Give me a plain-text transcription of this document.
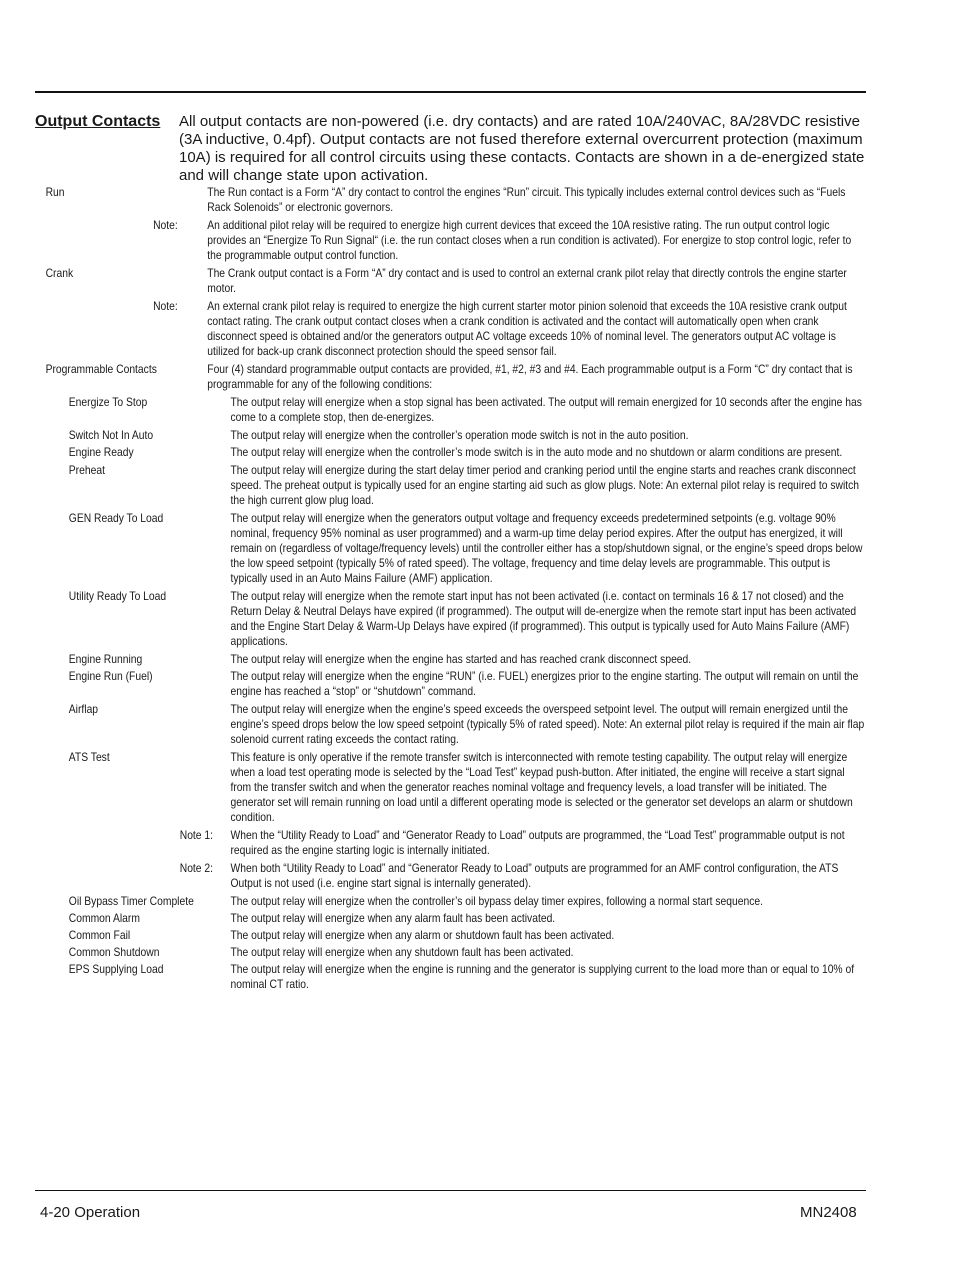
Output Contacts All output contacts are non-powered (i.e. dry contacts) and are rated 10A/240VAC, 8A/28VDC resistive (3A inductive, 0.4pf). Output contacts are not fused therefore external overcurrent protection (maximum 10A) is required for all control circuits using these contacts. Contacts are shown in a de-energized state and will change state upon activation.
Run	The Run contact is a Form “A” dry contact to control the engines “Run” circuit. This typically includes external control devices such as “Fuels Rack Solenoids” or electronic governors.
Note: An additional pilot relay will be required to energize high current devices that exceed the 10A resistive rating. The run output control logic provides an “Energize To Run Signal“ (i.e. the run contact closes when a run condition is activated). For energize to stop control logic, refer to the programmable output control function.
Crank	The Crank output contact is a Form “A” dry contact and is used to control an external crank pilot relay that directly controls the engine starter motor.
Note: An external crank pilot relay is required to energize the high current starter motor pinion solenoid that exceeds the 10A resistive crank output contact rating. The crank output contact closes when a crank condition is activated and the contact will automatically open when crank disconnect speed is obtained and/or the generators output AC voltage exceeds 10% of nominal level. The generators output AC voltage is utilized for back-up crank disconnect protection should the speed sensor fail.
Programmable Contacts	Four (4) standard programmable output contacts are provided, #1, #2, #3 and #4. Each programmable output is a Form “C” dry contact that is programmable for any of the following conditions:
Energize To Stop	The output relay will energize when a stop signal has been activated. The output will remain energized for 10 seconds after the engine has come to a complete stop, then de-energizes.
Switch Not In Auto	The output relay will energize when the controller’s operation mode switch is not in the auto position.
Engine Ready	The output relay will energize when the controller’s mode switch is in the auto mode and no shutdown or alarm conditions are present.
Preheat	The output relay will energize during the start delay timer period and cranking period until the engine starts and reaches crank disconnect speed. The preheat output is typically used for an engine starting aid such as glow plugs. Note: An external pilot relay is required to switch the high current glow plug load.
GEN Ready To Load	The output relay will energize when the generators output voltage and frequency exceeds predetermined setpoints (e.g. voltage 90% nominal, frequency 95% nominal as user programmed) and a warm-up time delay period expires. After the output has energized, it will remain on (regardless of voltage/frequency levels) until the controller either has a stop/shutdown signal, or the engine’s speed drops below the low speed setpoint (typically 5% of rated speed). The voltage, frequency and time delay levels are programmable. This output is typically used in an Auto Mains Failure (AMF) application.
Utility Ready To Load	The output relay will energize when the remote start input has not been activated (i.e. contact on terminals 16 & 17 not closed) and the Return Delay & Neutral Delays have expired (if programmed). The output will de-energize when the remote start input has been activated and the Engine Start Delay & Warm-Up Delays have expired (if programmed). This output is typically used for Auto Mains Failure (AMF) applications.
Engine Running	The output relay will energize when the engine has started and has reached crank disconnect speed.
Engine Run (Fuel)	The output relay will energize when the engine “RUN” (i.e. FUEL) energizes prior to the engine starting. The output will remain on until the engine has reached a “stop” or “shutdown” command.
Airflap	The output relay will energize when the engine’s speed exceeds the overspeed setpoint level. The output will remain energized until the engine’s speed drops below the low speed setpoint (typically 5% of rated speed). Note: An external pilot relay is required if the main air flap solenoid current rating exceeds the contact rating.
ATS Test	This feature is only operative if the remote transfer switch is interconnected with remote testing capability. The output relay will energize when a load test operating mode is selected by the “Load Test” keypad push-button. After initiated, the engine will receive a start signal from the transfer switch and when the generator reaches nominal voltage and frequency levels, a load transfer will be initiated. The generator set will remain running on load until a different operating mode is selected or the generator set develops an alarm or shutdown condition.
Note 1: When the “Utility Ready to Load” and “Generator Ready to Load” outputs are programmed, the “Load Test” programmable output is not required as the engine starting logic is internally initiated.
Note 2: When both “Utility Ready to Load” and “Generator Ready to Load” outputs are programmed for an AMF control configuration, the ATS Output is not used (i.e. engine start signal is internally generated).
Oil Bypass Timer Complete	The output relay will energize when the controller’s oil bypass delay timer expires, following a normal start sequence.
Common Alarm	The output relay will energize when any alarm fault has been activated.
Common Fail	The output relay will energize when any alarm or shutdown fault has been activated.
Common Shutdown	The output relay will energize when any shutdown fault has been activated.
EPS Supplying Load	The output relay will energize when the engine is running and the generator is supplying current to the load more than or equal to 10% of nominal CT ratio.
4-20 Operation	MN2408
